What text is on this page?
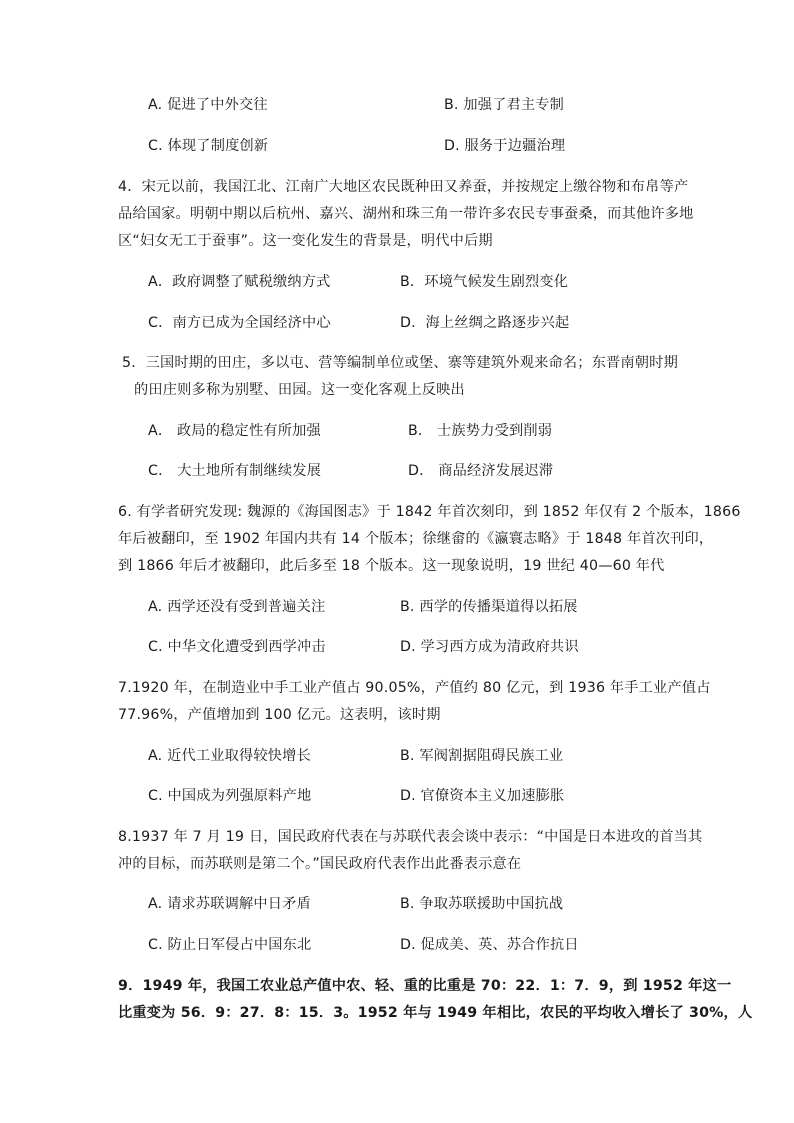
A. 促进了中外交往	B. 加强了君主专制
C. 体现了制度创新	D. 服务于边疆治理
4．宋元以前，我国江北、江南广大地区农民既种田又养蚕，并按规定上缴谷物和布帛等产
品给国家。明朝中期以后杭州、嘉兴、湖州和珠三角一带许多农民专事蚕桑，而其他许多地
区“妇女无工于蚕事”。这一变化发生的背景是，明代中后期
A．政府调整了赋税缴纳方式	B．环境气候发生剧烈变化
C．南方已成为全国经济中心	D．海上丝绸之路逐步兴起
5．三国时期的田庄，多以屯、营等编制单位或堡、寨等建筑外观来命名；东晋南朝时期
的田庄则多称为别墅、田园。这一变化客观上反映出
A． 政局的稳定性有所加强	B． 士族势力受到削弱
C． 大土地所有制继续发展	D． 商品经济发展迟滞
6. 有学者研究发现: 魏源的《海国图志》于 1842 年首次刻印，到 1852 年仅有 2 个版本，1866
年后被翻印，至 1902 年国内共有 14 个版本；徐继畲的《瀛寰志略》于 1848 年首次刊印，
到 1866 年后才被翻印，此后多至 18 个版本。这一现象说明，19 世纪 40—60 年代
A. 西学还没有受到普遍关注	B. 西学的传播渠道得以拓展
C. 中华文化遭受到西学冲击	D. 学习西方成为清政府共识
7.1920 年，在制造业中手工业产值占 90.05%，产值约 80 亿元，到 1936 年手工业产值占
77.96%，产值增加到 100 亿元。这表明，该时期
A. 近代工业取得较快增长	B. 军阀割据阻碍民族工业
C. 中国成为列强原料产地	D. 官僚资本主义加速膨胀
8.1937 年 7 月 19 日，国民政府代表在与苏联代表会谈中表示：“中国是日本进攻的首当其
冲的目标，而苏联则是第二个。”国民政府代表作出此番表示意在
A. 请求苏联调解中日矛盾	B. 争取苏联援助中国抗战
C. 防止日军侵占中国东北	D. 促成美、英、苏合作抗日
9．1949 年，我国工农业总产值中农、轻、重的比重是 70：22．1：7．9，到 1952 年这一
比重变为 56．9：27．8：15．3。1952 年与 1949 年相比，农民的平均收入增长了 30%，人
